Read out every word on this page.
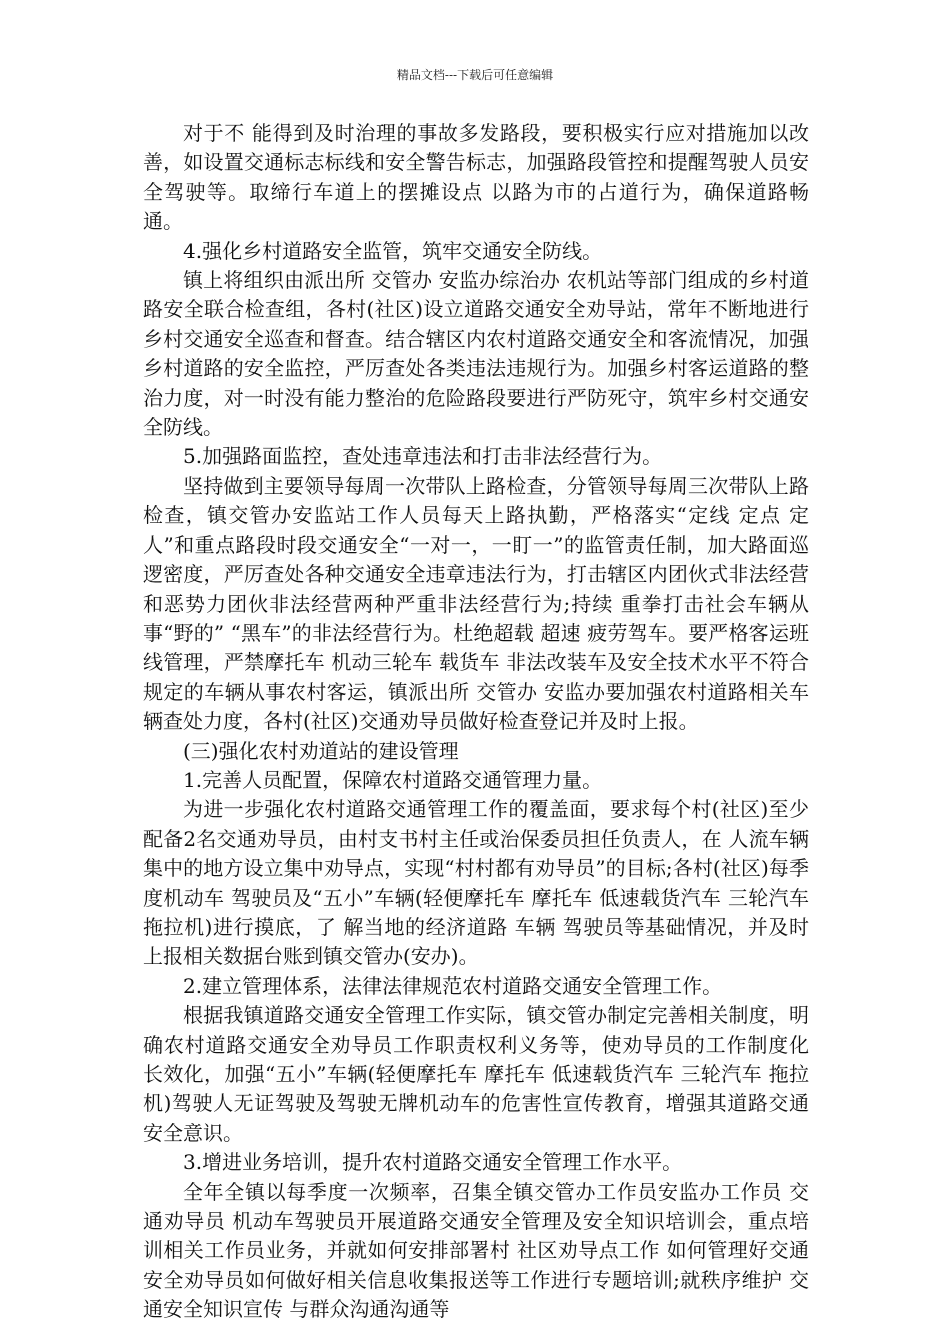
精品文档---下载后可任意编辑

对于不 能得到及时治理的事故多发路段，要积极实行应对措施加以改善，如设置交通标志标线和安全警告标志，加强路段管控和提醒驾驶人员安全驾驶等。取缔行车道上的摆摊设点 以路为市的占道行为，确保道路畅通。

4.强化乡村道路安全监管，筑牢交通安全防线。

镇上将组织由派出所 交管办 安监办综治办 农机站等部门组成的乡村道路安全联合检查组，各村(社区)设立道路交通安全劝导站，常年不断地进行乡村交通安全巡查和督查。结合辖区内农村道路交通安全和客流情况，加强乡村道路的安全监控，严厉查处各类违法违规行为。加强乡村客运道路的整治力度，对一时没有能力整治的危险路段要进行严防死守，筑牢乡村交通安全防线。

5.加强路面监控，查处违章违法和打击非法经营行为。

坚持做到主要领导每周一次带队上路检查，分管领导每周三次带队上路检查，镇交管办安监站工作人员每天上路执勤，严格落实“定线 定点 定人”和重点路段时段交通安全“一对一，一盯一”的监管责任制，加大路面巡逻密度，严厉查处各种交通安全违章违法行为，打击辖区内团伙式非法经营和恶势力团伙非法经营两种严重非法经营行为;持续 重拳打击社会车辆从事“野的” “黑车”的非法经营行为。杜绝超载 超速 疲劳驾车。要严格客运班线管理，严禁摩托车 机动三轮车 载货车 非法改装车及安全技术水平不符合规定的车辆从事农村客运，镇派出所 交管办 安监办要加强农村道路相关车辆查处力度，各村(社区)交通劝导员做好检查登记并及时上报。

(三)强化农村劝道站的建设管理

1.完善人员配置，保障农村道路交通管理力量。

为进一步强化农村道路交通管理工作的覆盖面，要求每个村(社区)至少配备2名交通劝导员，由村支书村主任或治保委员担任负责人，在 人流车辆集中的地方设立集中劝导点，实现“村村都有劝导员”的目标;各村(社区)每季度机动车 驾驶员及“五小”车辆(轻便摩托车 摩托车 低速载货汽车 三轮汽车 拖拉机)进行摸底，了 解当地的经济道路 车辆 驾驶员等基础情况，并及时上报相关数据台账到镇交管办(安办)。

2.建立管理体系，法律法律规范农村道路交通安全管理工作。

根据我镇道路交通安全管理工作实际，镇交管办制定完善相关制度，明确农村道路交通安全劝导员工作职责权利义务等，使劝导员的工作制度化 长效化，加强“五小”车辆(轻便摩托车 摩托车 低速载货汽车 三轮汽车 拖拉机)驾驶人无证驾驶及驾驶无牌机动车的危害性宣传教育，增强其道路交通安全意识。

3.增进业务培训，提升农村道路交通安全管理工作水平。

全年全镇以每季度一次频率，召集全镇交管办工作员安监办工作员 交通劝导员 机动车驾驶员开展道路交通安全管理及安全知识培训会，重点培训相关工作员业务，并就如何安排部署村 社区劝导点工作 如何管理好交通安全劝导员如何做好相关信息收集报送等工作进行专题培训;就秩序维护 交通安全知识宣传 与群众沟通沟通等
